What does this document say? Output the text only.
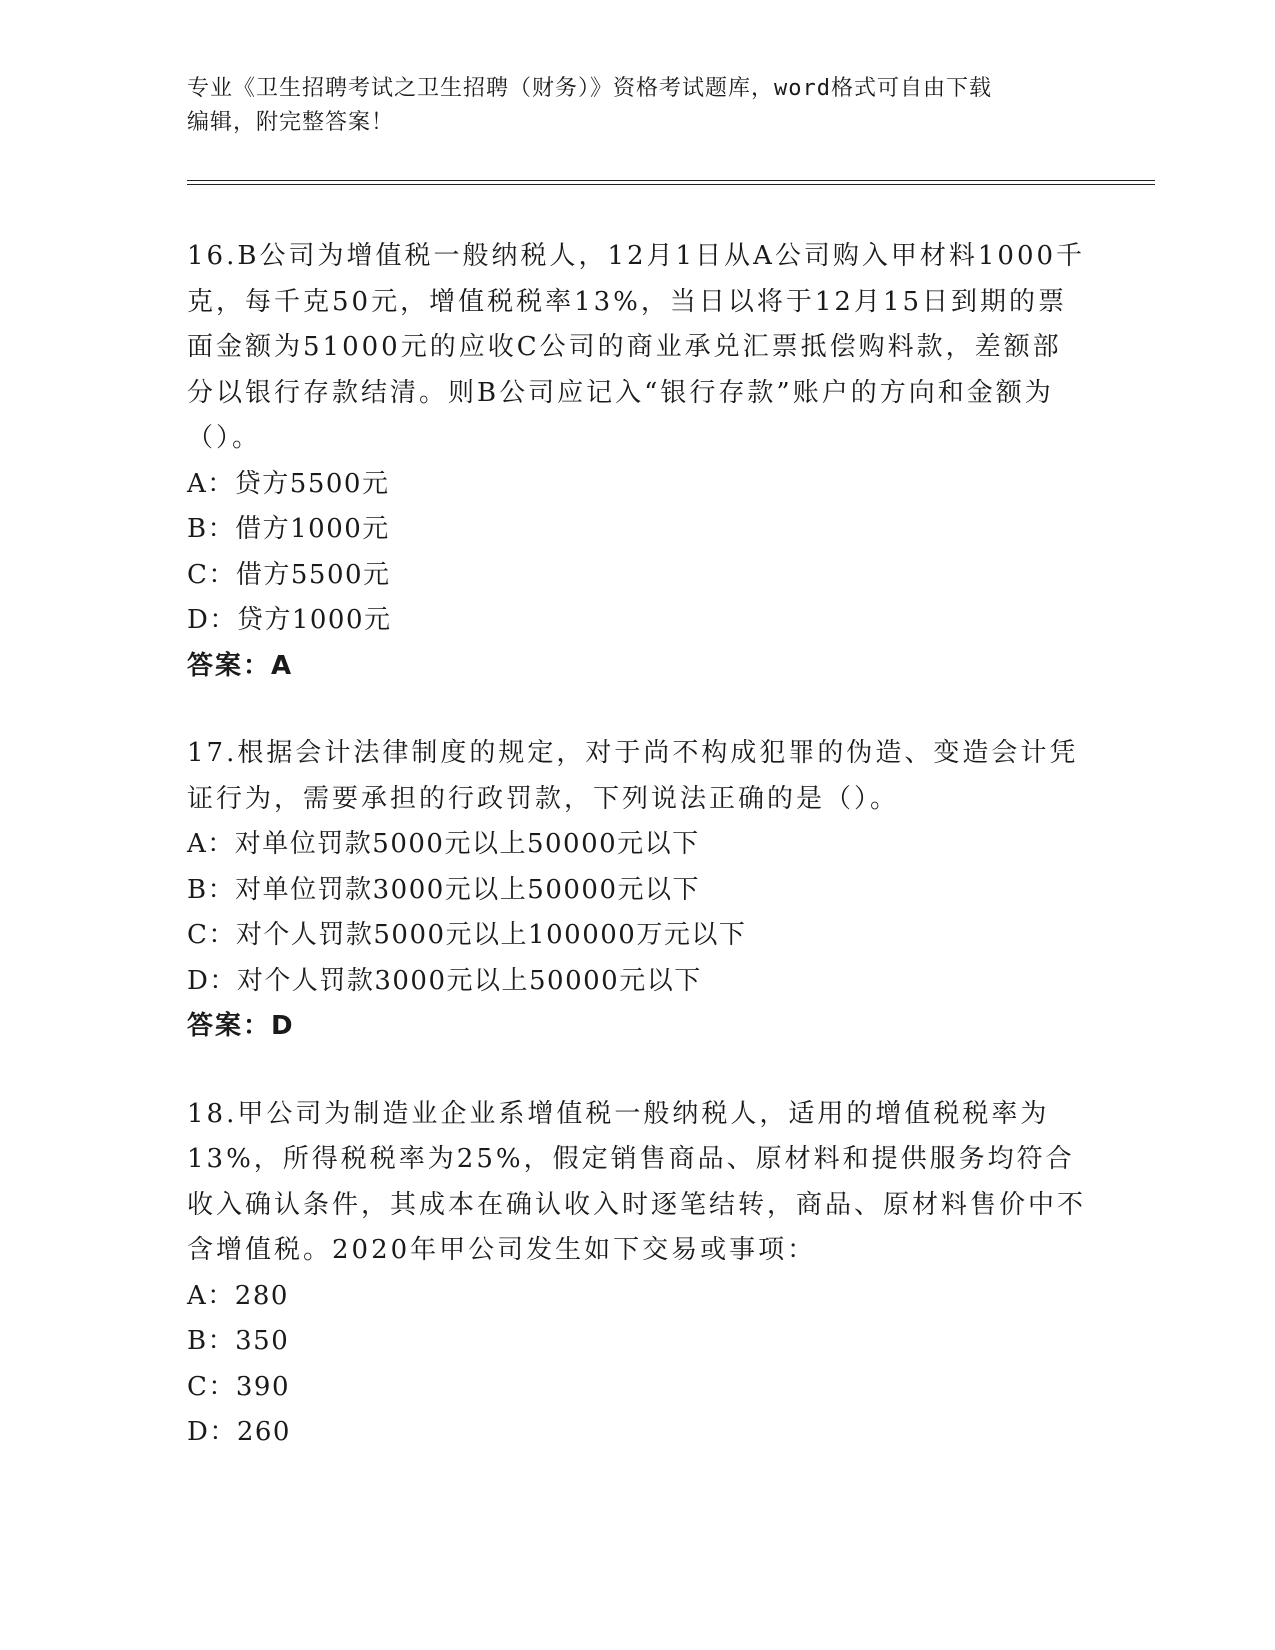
专业《卫生招聘考试之卫生招聘（财务）》资格考试题库，word格式可自由下载
编辑，附完整答案！

16.B公司为增值税一般纳税人，12月1日从A公司购入甲材料1000千克，每千克50元，增值税税率13%，当日以将于12月15日到期的票面金额为51000元的应收C公司的商业承兑汇票抵偿购料款，差额部分以银行存款结清。则B公司应记入“银行存款”账户的方向和金额为（）。

A：贷方5500元

B：借方1000元

C：借方5500元

D：贷方1000元

答案：A

17.根据会计法律制度的规定，对于尚不构成犯罪的伪造、变造会计凭证行为，需要承担的行政罚款，下列说法正确的是（）。

A：对单位罚款5000元以上50000元以下

B：对单位罚款3000元以上50000元以下

C：对个人罚款5000元以上100000万元以下

D：对个人罚款3000元以上50000元以下

答案：D

18.甲公司为制造业企业系增值税一般纳税人，适用的增值税税率为13%，所得税税率为25%，假定销售商品、原材料和提供服务均符合收入确认条件，其成本在确认收入时逐笔结转，商品、原材料售价中不含增值税。2020年甲公司发生如下交易或事项：

A：280

B：350

C：390

D：260
